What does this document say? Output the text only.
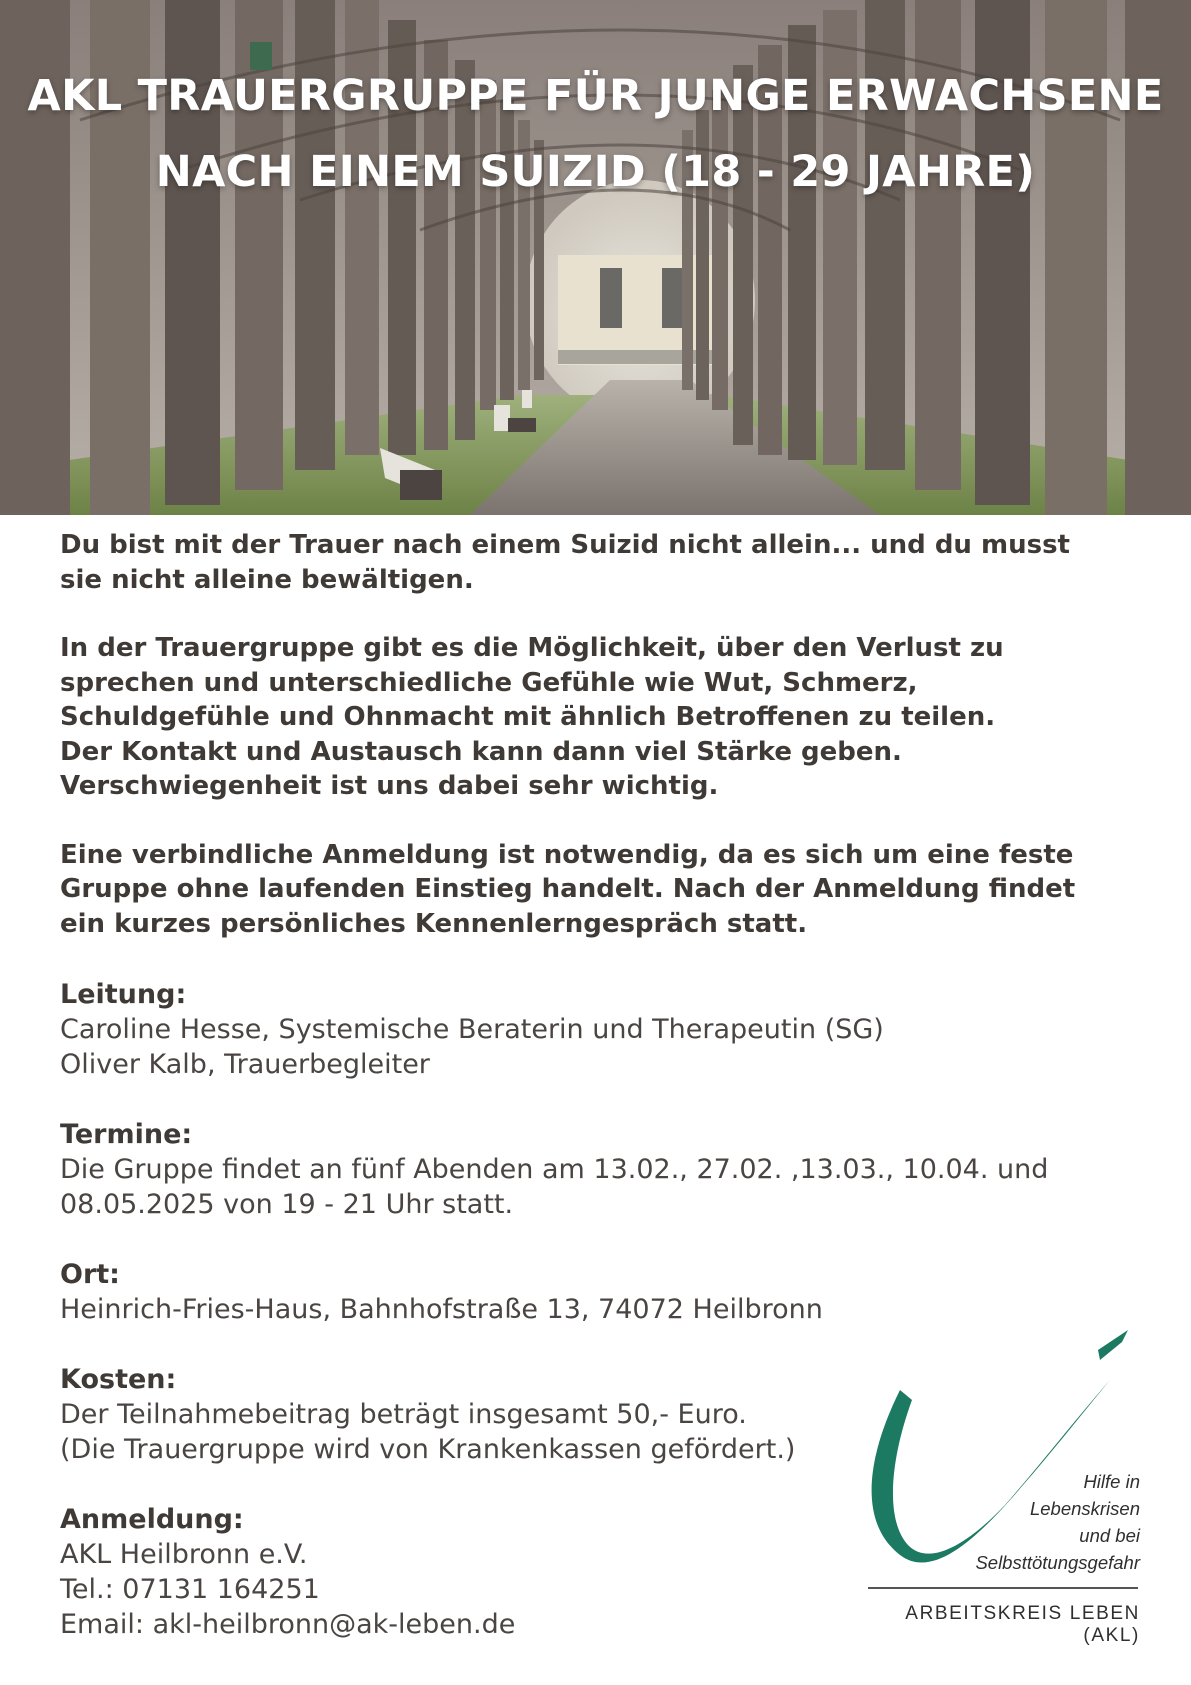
AKL TRAUERGRUPPE FÜR JUNGE ERWACHSENE
NACH EINEM SUIZID (18 - 29 JAHRE)

Du bist mit der Trauer nach einem Suizid nicht allein... und du musst
sie nicht alleine bewältigen.

In der Trauergruppe gibt es die Möglichkeit, über den Verlust zu
sprechen und unterschiedliche Gefühle wie Wut, Schmerz,
Schuldgefühle und Ohnmacht mit ähnlich Betroffenen zu teilen.
Der Kontakt und Austausch kann dann viel Stärke geben.
Verschwiegenheit ist uns dabei sehr wichtig.

Eine verbindliche Anmeldung ist notwendig, da es sich um eine feste
Gruppe ohne laufenden Einstieg handelt. Nach der Anmeldung findet
ein kurzes persönliches Kennenlerngespräch statt.

Leitung:

Caroline Hesse, Systemische Beraterin und Therapeutin (SG)
Oliver Kalb, Trauerbegleiter

Termine:

Die Gruppe findet an fünf Abenden am 13.02., 27.02. ,13.03., 10.04. und
08.05.2025 von 19 - 21 Uhr statt.

Ort:

Heinrich-Fries-Haus, Bahnhofstraße 13, 74072 Heilbronn

Kosten:

Der Teilnahmebeitrag beträgt insgesamt 50,- Euro.
(Die Trauergruppe wird von Krankenkassen gefördert.)

Anmeldung:

AKL Heilbronn e.V.
Tel.: 07131 164251
Email: akl-heilbronn@ak-leben.de

Hilfe in
Lebenskrisen
und bei
Selbsttötungsgefahr
ARBEITSKREIS LEBEN (AKL)
